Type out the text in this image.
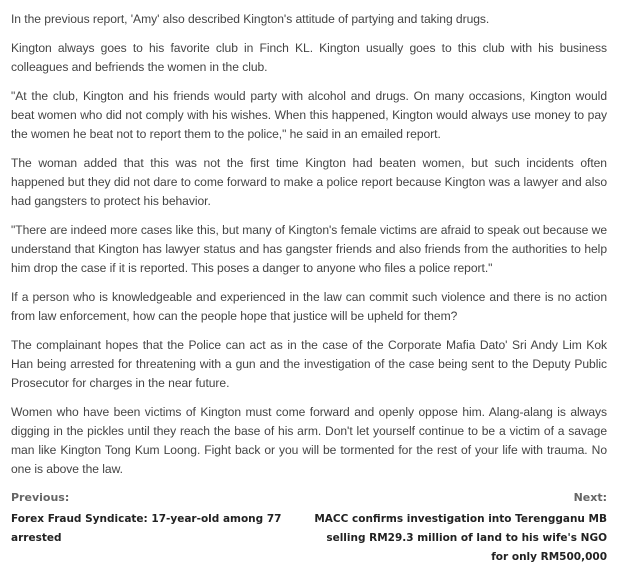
In the previous report, 'Amy' also described Kington's attitude of partying and taking drugs.

Kington always goes to his favorite club in Finch KL. Kington usually goes to this club with his business colleagues and befriends the women in the club.

"At the club, Kington and his friends would party with alcohol and drugs. On many occasions, Kington would beat women who did not comply with his wishes. When this happened, Kington would always use money to pay the women he beat not to report them to the police," he said in an emailed report.

The woman added that this was not the first time Kington had beaten women, but such incidents often happened but they did not dare to come forward to make a police report because Kington was a lawyer and also had gangsters to protect his behavior.

"There are indeed more cases like this, but many of Kington's female victims are afraid to speak out because we understand that Kington has lawyer status and has gangster friends and also friends from the authorities to help him drop the case if it is reported. This poses a danger to anyone who files a police report."

If a person who is knowledgeable and experienced in the law can commit such violence and there is no action from law enforcement, how can the people hope that justice will be upheld for them?

The complainant hopes that the Police can act as in the case of the Corporate Mafia Dato' Sri Andy Lim Kok Han being arrested for threatening with a gun and the investigation of the case being sent to the Deputy Public Prosecutor for charges in the near future.

Women who have been victims of Kington must come forward and openly oppose him. Alang-alang is always digging in the pickles until they reach the base of his arm. Don't let yourself continue to be a victim of a savage man like Kington Tong Kum Loong. Fight back or you will be tormented for the rest of your life with trauma. No one is above the law.

Previous:
Forex Fraud Syndicate: 17-year-old among 77 arrested
Next:
MACC confirms investigation into Terengganu MB selling RM29.3 million of land to his wife's NGO for only RM500,000
